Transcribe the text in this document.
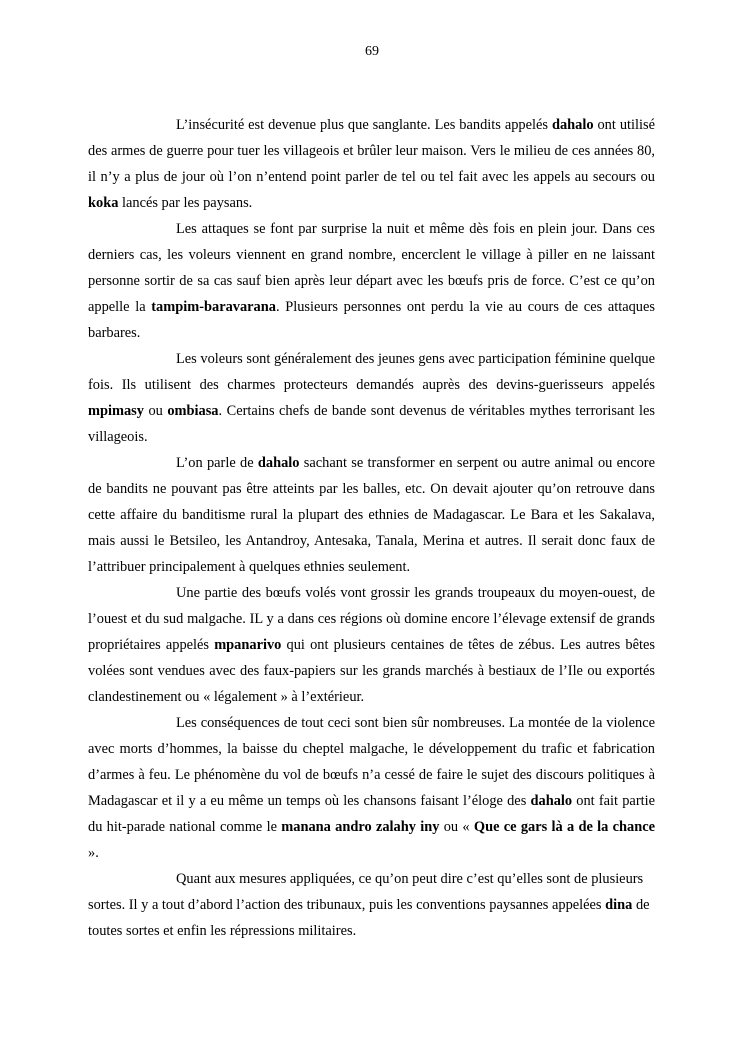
69

L’insécurité est devenue plus que sanglante. Les bandits appelés dahalo ont utilisé des armes de guerre pour tuer les villageois et brûler leur maison. Vers le milieu de ces années 80, il n’y a plus de jour où l’on n’entend point parler de tel ou tel fait avec les appels au secours ou koka lancés par les paysans.

Les attaques se font par surprise la nuit et même dès fois en plein jour. Dans ces derniers cas, les voleurs viennent en grand nombre, encerclent le village à piller en ne laissant personne sortir de sa cas sauf bien après leur départ avec les bœufs pris de force. C’est ce qu’on appelle la tampim-baravarana. Plusieurs personnes ont perdu la vie au cours de ces attaques barbares.

Les voleurs sont généralement des jeunes gens avec participation féminine quelque fois. Ils utilisent des charmes protecteurs demandés auprès des devins-guerisseurs appelés mpimasy ou ombiasa. Certains chefs de bande sont devenus de véritables mythes terrorisant les villageois.

L’on parle de dahalo sachant se transformer en serpent ou autre animal ou encore de bandits ne pouvant pas être atteints par les balles, etc. On devait ajouter qu’on retrouve dans cette affaire du banditisme rural la plupart des ethnies de Madagascar. Le Bara et les Sakalava, mais aussi le Betsileo, les Antandroy, Antesaka, Tanala, Merina et autres. Il serait donc faux de l’attribuer principalement à quelques ethnies seulement.

Une partie des bœufs volés vont grossir les grands troupeaux du moyen-ouest, de l’ouest et du sud malgache. IL y a dans ces régions où domine encore l’élevage extensif de grands propriétaires appelés mpanarivo qui ont plusieurs centaines de têtes de zébus. Les autres bêtes volées sont vendues avec des faux-papiers sur les grands marchés à bestiaux de l’Ile ou exportés clandestinement ou « légalement » à l’extérieur.

Les conséquences de tout ceci sont bien sûr nombreuses. La montée de la violence avec morts d’hommes, la baisse du cheptel malgache, le développement du trafic et fabrication d’armes à feu. Le phénomène du vol de bœufs n’a cessé de faire le sujet des discours politiques à Madagascar et il y a eu même un temps où les chansons faisant l’éloge des dahalo ont fait partie du hit-parade national comme le manana andro zalahy iny ou « Que ce gars là a de la chance ».

Quant aux mesures appliquées, ce qu’on peut dire c’est qu’elles sont de plusieurs sortes. Il y a tout d’abord l’action des tribunaux, puis les conventions paysannes appelées dina de toutes sortes et enfin les répressions militaires.
